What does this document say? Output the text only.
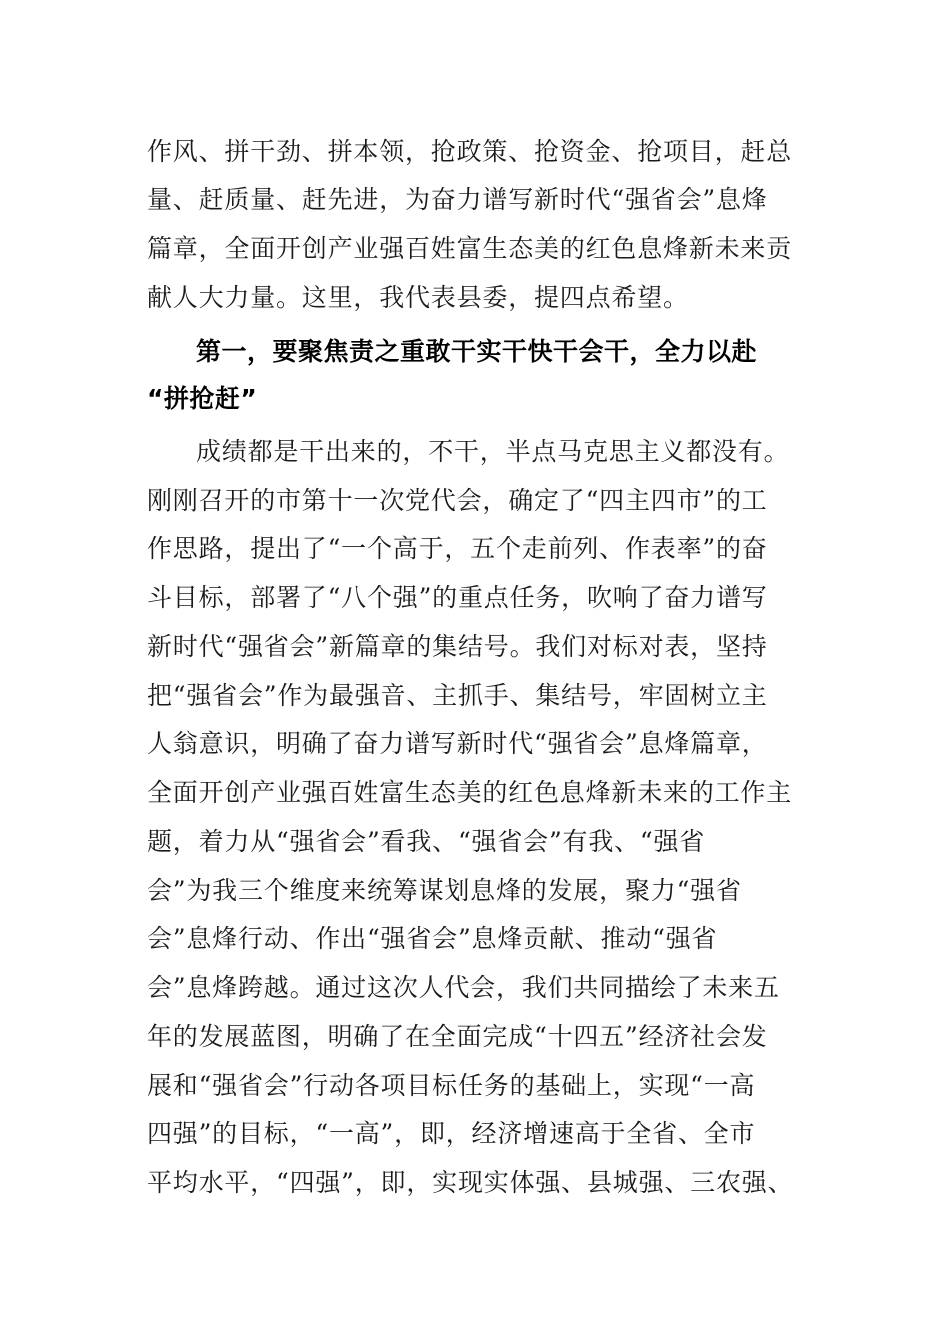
作风、拼干劲、拼本领，抢政策、抢资金、抢项目，赶总
量、赶质量、赶先进，为奋力谱写新时代“强省会”息烽
篇章，全面开创产业强百姓富生态美的红色息烽新未来贡
献人大力量。这里，我代表县委，提四点希望。
第一，要聚焦责之重敢干实干快干会干，全力以赴
“拼抢赶”
成绩都是干出来的，不干，半点马克思主义都没有。
刚刚召开的市第十一次党代会，确定了“四主四市”的工
作思路，提出了“一个高于，五个走前列、作表率”的奋
斗目标，部署了“八个强”的重点任务，吹响了奋力谱写
新时代“强省会”新篇章的集结号。我们对标对表，坚持
把“强省会”作为最强音、主抓手、集结号，牢固树立主
人翁意识，明确了奋力谱写新时代“强省会”息烽篇章，
全面开创产业强百姓富生态美的红色息烽新未来的工作主
题，着力从“强省会”看我、“强省会”有我、“强省
会”为我三个维度来统筹谋划息烽的发展，聚力“强省
会”息烽行动、作出“强省会”息烽贡献、推动“强省
会”息烽跨越。通过这次人代会，我们共同描绘了未来五
年的发展蓝图，明确了在全面完成“十四五”经济社会发
展和“强省会”行动各项目标任务的基础上，实现“一高
四强”的目标，“一高”，即，经济增速高于全省、全市
平均水平，“四强”，即，实现实体强、县城强、三农强、
